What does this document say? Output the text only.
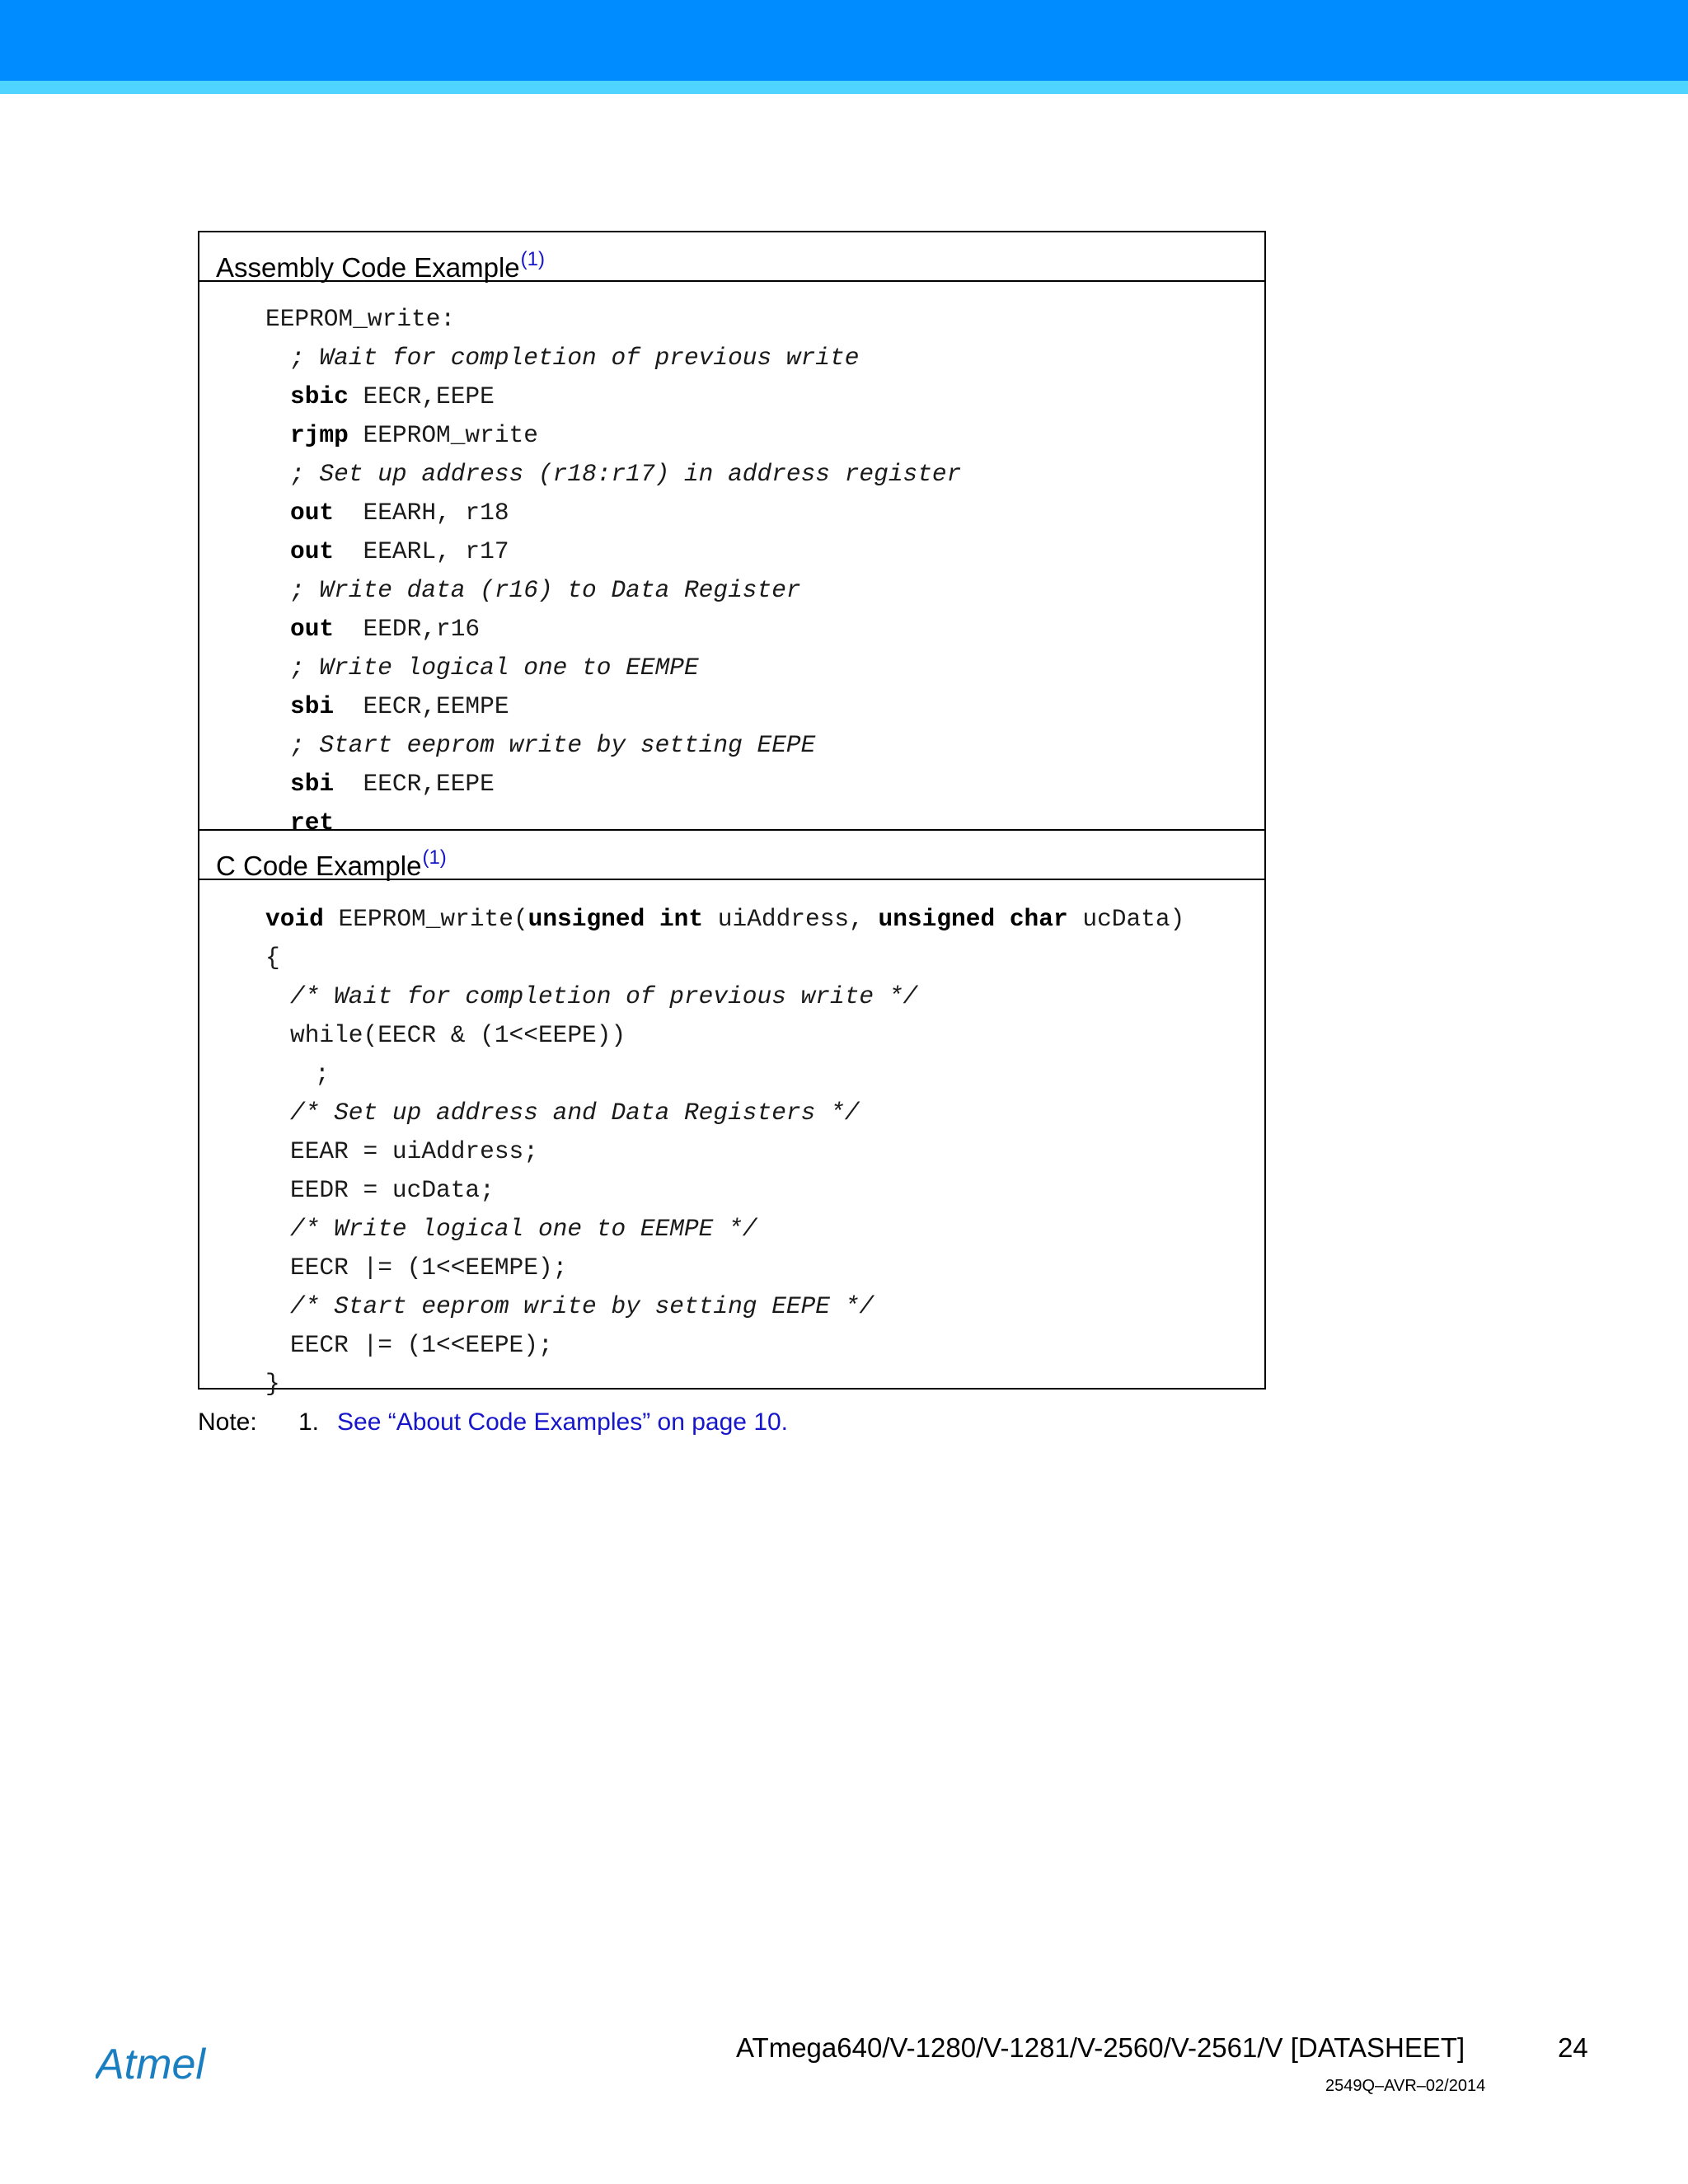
Assembly Code Example$^{(1)}$
EEPROM_write:
; Wait for completion of previous write
sbic EECR,EEPE
rjmp EEPROM_write
; Set up address (r18:r17) in address register
out  EEARH, r18
out  EEARL, r17
; Write data (r16) to Data Register
out  EEDR,r16
; Write logical one to EEMPE
sbi  EECR,EEMPE
; Start eeprom write by setting EEPE
sbi  EECR,EEPE
ret
C Code Example$^{(1)}$
void EEPROM_write(unsigned int uiAddress, unsigned char ucData)
{
/* Wait for completion of previous write */
while(EECR & (1<<EEPE))
;
/* Set up address and Data Registers */
EEAR = uiAddress;
EEDR = ucData;
/* Write logical one to EEMPE */
EECR |= (1<<EEMPE);
/* Start eeprom write by setting EEPE */
EECR |= (1<<EEPE);
}
Note: 1. See “About Code Examples” on page 10.
Atmel	ATmega640/V-1280/V-1281/V-2560/V-2561/V [DATASHEET]	24
2549Q–AVR–02/2014
